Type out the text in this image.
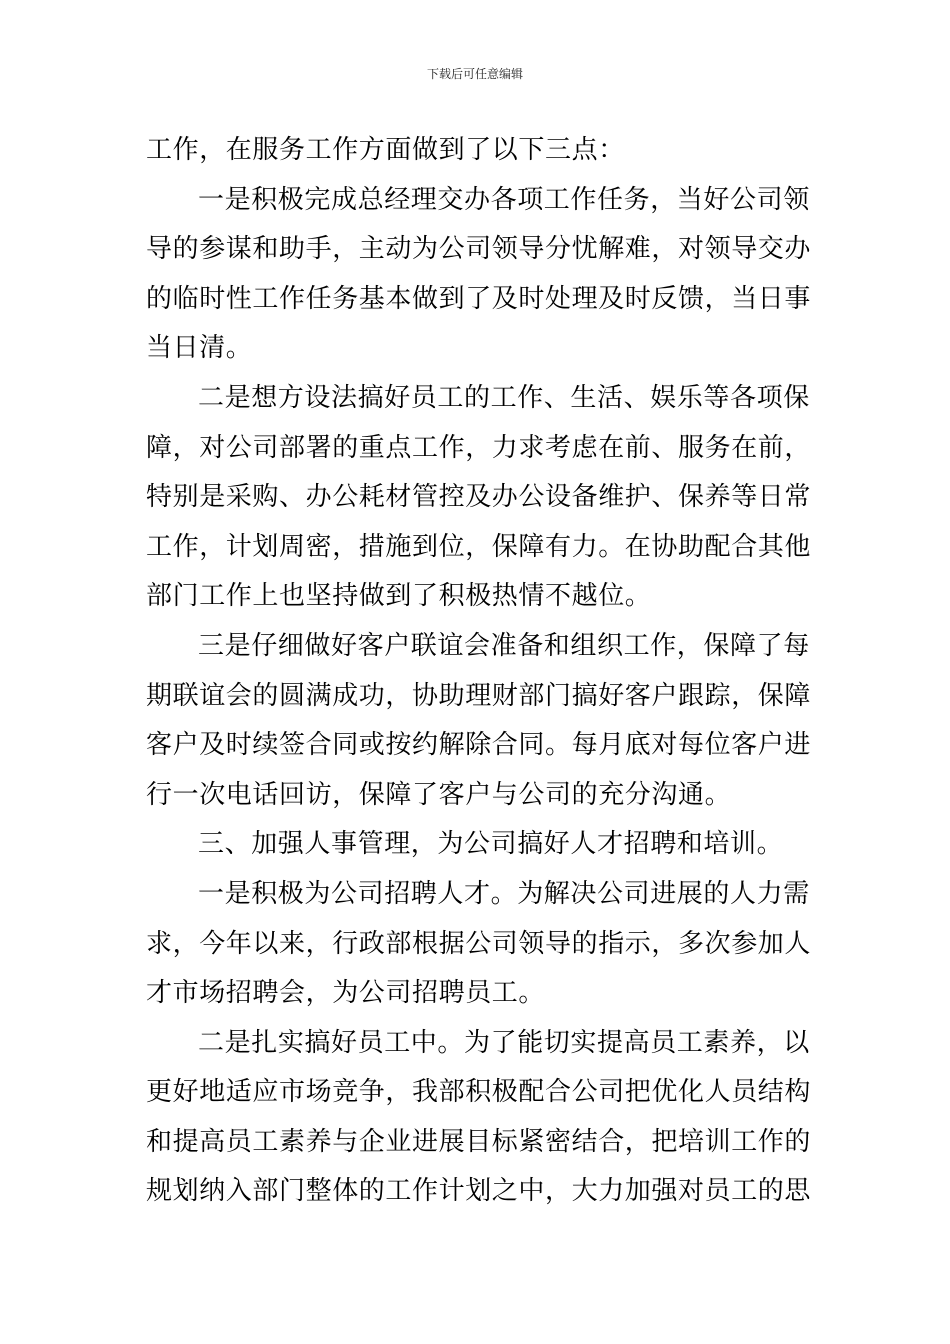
下载后可任意编辑
工作，在服务工作方面做到了以下三点：
一是积极完成总经理交办各项工作任务，当好公司领
导的参谋和助手，主动为公司领导分忧解难，对领导交办
的临时性工作任务基本做到了及时处理及时反馈，当日事
当日清。
二是想方设法搞好员工的工作、生活、娱乐等各项保
障，对公司部署的重点工作，力求考虑在前、服务在前，
特别是采购、办公耗材管控及办公设备维护、保养等日常
工作，计划周密，措施到位，保障有力。在协助配合其他
部门工作上也坚持做到了积极热情不越位。
三是仔细做好客户联谊会准备和组织工作，保障了每
期联谊会的圆满成功，协助理财部门搞好客户跟踪，保障
客户及时续签合同或按约解除合同。每月底对每位客户进
行一次电话回访，保障了客户与公司的充分沟通。
三、加强人事管理，为公司搞好人才招聘和培训。
一是积极为公司招聘人才。为解决公司进展的人力需
求，今年以来，行政部根据公司领导的指示，多次参加人
才市场招聘会，为公司招聘员工。
二是扎实搞好员工中。为了能切实提高员工素养，以
更好地适应市场竞争，我部积极配合公司把优化人员结构
和提高员工素养与企业进展目标紧密结合，把培训工作的
规划纳入部门整体的工作计划之中，大力加强对员工的思
